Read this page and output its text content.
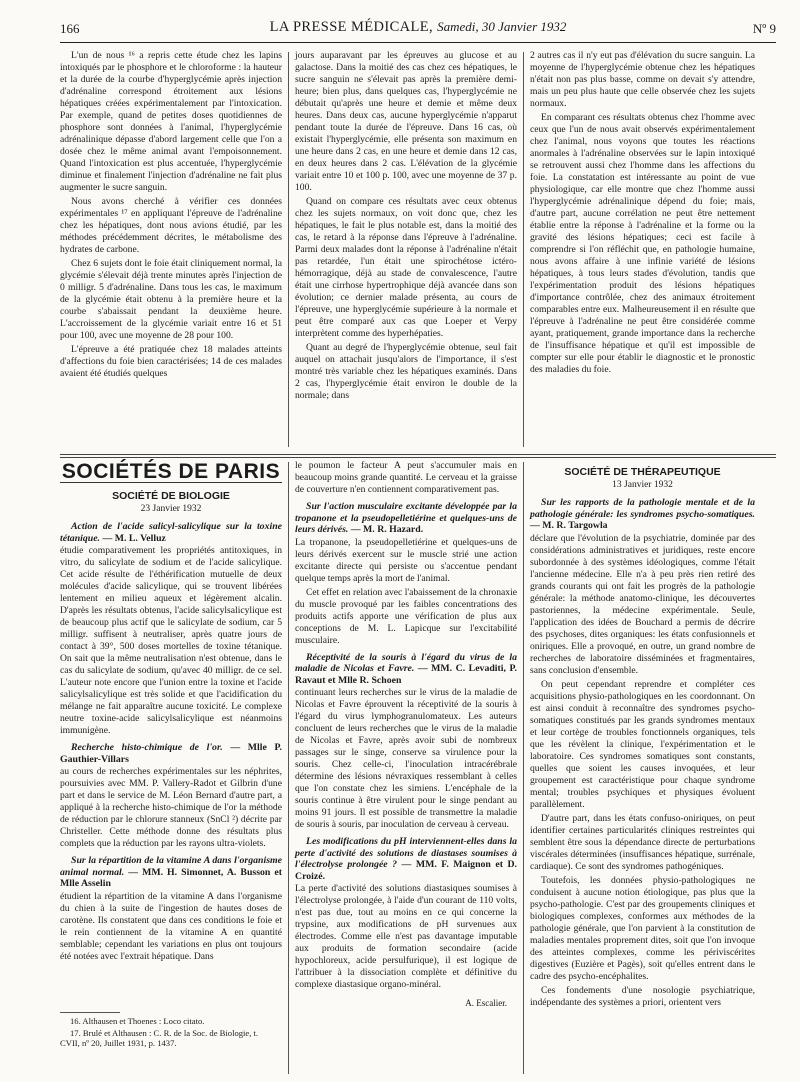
166	LA PRESSE MÉDICALE, Samedi, 30 Janvier 1932	Nº 9

L'un de nous ¹⁶ a repris cette étude chez les lapins intoxiqués par le phosphore et le chloroforme : la hauteur et la durée de la courbe d'hyperglycémie après injection d'adrénaline correspond étroitement aux lésions hépatiques créées expérimentalement par l'intoxication. Par exemple, quand de petites doses quotidiennes de phosphore sont données à l'animal, l'hyperglycémie adrénalinique dépasse d'abord largement celle que l'on a dosée chez le même animal avant l'empoisonnement. Quand l'intoxication est plus accentuée, l'hyperglycémie diminue et finalement l'injection d'adrénaline ne fait plus augmenter le sucre sanguin.

Nous avons cherché à vérifier ces données expérimentales ¹⁷ en appliquant l'épreuve de l'adrénaline chez les hépatiques, dont nous avions étudié, par les méthodes précédemment décrites, le métabolisme des hydrates de carbone.

Chez 6 sujets dont le foie était cliniquement normal, la glycémie s'élevait déjà trente minutes après l'injection de 0 milligr. 5 d'adrénaline. Dans tous les cas, le maximum de la glycémie était obtenu à la première heure et la courbe s'abaissait pendant la deuxième heure. L'accroissement de la glycémie variait entre 16 et 51 pour 100, avec une moyenne de 28 pour 100.

L'épreuve a été pratiquée chez 18 malades atteints d'affections du foie bien caractérisées; 14 de ces malades avaient été étudiés quelques

jours auparavant par les épreuves au glucose et au galactose. Dans la moitié des cas chez ces hépatiques, le sucre sanguin ne s'élevait pas après la première demi-heure; bien plus, dans quelques cas, l'hyperglycémie ne débutait qu'après une heure et demie et même deux heures. Dans deux cas, aucune hyperglycémie n'apparut pendant toute la durée de l'épreuve. Dans 16 cas, où existait l'hyperglycémie, elle présenta son maximum en une heure dans 2 cas, en une heure et demie dans 12 cas, en deux heures dans 2 cas. L'élévation de la glycémie variait entre 10 et 100 p. 100, avec une moyenne de 37 p. 100.

Quand on compare ces résultats avec ceux obtenus chez les sujets normaux, on voit donc que, chez les hépatiques, le fait le plus notable est, dans la moitié des cas, le retard à la réponse dans l'épreuve à l'adrénaline. Parmi deux malades dont la réponse à l'adrénaline n'était pas retardée, l'un était une spirochétose ictéro-hémorragique, déjà au stade de convalescence, l'autre était une cirrhose hypertrophique déjà avancée dans son évolution; ce dernier malade présenta, au cours de l'épreuve, une hyperglycémie supérieure à la normale et peut être comparé aux cas que Loeper et Verpy interprètent comme des hyperhépaties.

Quant au degré de l'hyperglycémie obtenue, seul fait auquel on attachait jusqu'alors de l'importance, il s'est montré très variable chez les hépatiques examinés. Dans 2 cas, l'hyperglycémie était environ le double de la normale; dans

2 autres cas il n'y eut pas d'élévation du sucre sanguin. La moyenne de l'hyperglycémie obtenue chez les hépatiques n'était non pas plus basse, comme on devait s'y attendre, mais un peu plus haute que celle observée chez les sujets normaux.

En comparant ces résultats obtenus chez l'homme avec ceux que l'un de nous avait observés expérimentalement chez l'animal, nous voyons que toutes les réactions anormales à l'adrénaline observées sur le lapin intoxiqué se retrouvent aussi chez l'homme dans les affections du foie. La constatation est intéressante au point de vue physiologique, car elle montre que chez l'homme aussi l'hyperglycémie adrénalinique dépend du foie; mais, d'autre part, aucune corrélation ne peut être nettement établie entre la réponse à l'adrénaline et la forme ou la gravité des lésions hépatiques; ceci est facile à comprendre si l'on réfléchit que, en pathologie humaine, nous avons affaire à une infinie variété de lésions hépatiques, à tous leurs stades d'évolution, tandis que l'expérimentation produit des lésions hépatiques d'importance contrôlée, chez des animaux étroitement comparables entre eux. Malheureusement il en résulte que l'épreuve à l'adrénaline ne peut être considérée comme ayant, pratiquement, grande importance dans la recherche de l'insuffisance hépatique et qu'il est impossible de compter sur elle pour établir le diagnostic et le pronostic des maladies du foie.

SOCIÉTÉS DE PARIS
SOCIÉTÉ DE BIOLOGIE
23 Janvier 1932
Action de l'acide salicyl-salicylique sur la toxine tétanique. — M. L. Velluz

étudie comparativement les propriétés antitoxiques, in vitro, du salicylate de sodium et de l'acide salicylique. Cet acide résulte de l'éthérification mutuelle de deux molécules d'acide salicylique, qui se trouvent libérées lentement en milieu aqueux et légèrement alcalin. D'après les résultats obtenus, l'acide salicylsalicylique est de beaucoup plus actif que le salicylate de sodium, car 5 milligr. suffisent à neutraliser, après quatre jours de contact à 39°, 500 doses mortelles de toxine tétanique. On sait que la même neutralisation n'est obtenue, dans le cas du salicylate de sodium, qu'avec 40 milligr. de ce sel. L'auteur note encore que l'union entre la toxine et l'acide salicylsalicylique est très solide et que l'acidification du mélange ne fait apparaître aucune toxicité. Le complexe neutre toxine-acide salicylsalicylique est néanmoins immunigène.

Recherche histo-chimique de l'or. — Mlle P. Gauthier-Villars

au cours de recherches expérimentales sur les néphrites, poursuivies avec MM. P. Vallery-Radot et Gilbrin d'une part et dans le service de M. Léon Bernard d'autre part, a appliqué à la recherche histo-chimique de l'or la méthode de réduction par le chlorure stanneux (SnCl ²) décrite par Christeller. Cette méthode donne des résultats plus complets que la réduction par les rayons ultra-violets.

Sur la répartition de la vitamine A dans l'organisme animal normal. — MM. H. Simonnet, A. Busson et Mlle Asselin

étudient la répartition de la vitamine A dans l'organisme du chien à la suite de l'ingestion de hautes doses de carotène. Ils constatent que dans ces conditions le foie et le rein contiennent de la vitamine A en quantité semblable; cependant les variations en plus ont toujours été notées avec l'extrait hépatique. Dans

le poumon le facteur A peut s'accumuler mais en beaucoup moins grande quantité. Le cerveau et la graisse de couverture n'en contiennent comparativement pas.

Sur l'action musculaire excitante développée par la tropanone et la pseudopelletiérine et quelques-uns de leurs dérivés. — M. R. Hazard.

La tropanone, la pseudopelletiérine et quelques-uns de leurs dérivés exercent sur le muscle strié une action excitante directe qui persiste ou s'accentue pendant quelque temps après la mort de l'animal.

Cet effet en relation avec l'abaissement de la chronaxie du muscle provoqué par les faibles concentrations des produits actifs apporte une vérification de plus aux conceptions de M. L. Lapicque sur l'excitabilité musculaire.

Réceptivité de la souris à l'égard du virus de la maladie de Nicolas et Favre. — MM. C. Levaditi, P. Ravaut et Mlle R. Schoen

continuant leurs recherches sur le virus de la maladie de Nicolas et Favre éprouvent la réceptivité de la souris à l'égard du virus lymphogranulomateux. Les auteurs concluent de leurs recherches que le virus de la maladie de Nicolas et Favre, après avoir subi de nombreux passages sur le singe, conserve sa virulence pour la souris. Chez celle-ci, l'inoculation intracérébrale détermine des lésions névraxiques ressemblant à celles que l'on constate chez les simiens. L'encéphale de la souris continue à être virulent pour le singe pendant au moins 91 jours. Il est possible de transmettre la maladie de souris à souris, par inoculation de cerveau à cerveau.

Les modifications du pH interviennent-elles dans la perte d'activité des solutions de diastases soumises à l'électrolyse prolongée ? — MM. F. Maignon et D. Croizé.

La perte d'activité des solutions diastasiques soumises à l'électrolyse prolongée, à l'aide d'un courant de 110 volts, n'est pas due, tout au moins en ce qui concerne la trypsine, aux modifications de pH survenues aux électrodes. Comme elle n'est pas davantage imputable aux produits de formation secondaire (acide hypochloreux, acide persulfurique), il est logique de l'attribuer à la dissociation complète et définitive du complexe diastasique organo-minéral.

A. Escalier.
SOCIÉTÉ DE THÉRAPEUTIQUE
13 Janvier 1932
Sur les rapports de la pathologie mentale et de la pathologie générale: les syndromes psycho-somatiques. — M. R. Targowla

déclare que l'évolution de la psychiatrie, dominée par des considérations administratives et juridiques, reste encore subordonnée à des systèmes idéologiques, comme l'était l'ancienne médecine. Elle n'a à peu près rien retiré des grands courants qui ont fait les progrès de la pathologie générale: la méthode anatomo-clinique, les découvertes pastoriennes, la médecine expérimentale. Seule, l'application des idées de Bouchard a permis de décrire des psychoses, dites organiques: les états confusionnels et oniriques. Elle a provoqué, en outre, un grand nombre de recherches de laboratoire disséminées et fragmentaires, sans conclusion d'ensemble.

On peut cependant reprendre et compléter ces acquisitions physio-pathologiques en les coordonnant. On est ainsi conduit à reconnaître des syndromes psycho-somatiques constitués par les grands syndromes mentaux et leur cortège de troubles fonctionnels organiques, tels que les révèlent la clinique, l'expérimentation et le laboratoire. Ces syndromes somatiques sont constants, quelles que soient les causes invoquées, et leur groupement est caractéristique pour chaque syndrome mental; troubles psychiques et physiques évoluent parallèlement.

D'autre part, dans les états confuso-oniriques, on peut identifier certaines particularités cliniques restreintes qui semblent être sous la dépendance directe de perturbations viscérales déterminées (insuffisances hépatique, surrénale, cardiaque). Ce sont des syndromes pathogéniques.

Toutefois, les données physio-pathologiques ne conduisent à aucune notion étiologique, pas plus que la psycho-pathologie. C'est par des groupements cliniques et biologiques complexes, conformes aux méthodes de la pathologie générale, que l'on parvient à la constitution de maladies mentales proprement dites, soit que l'on invoque des atteintes complexes, comme les périviscérites digestives (Euzière et Pagès), soit qu'elles entrent dans le cadre des psycho-encéphalites.

Ces fondements d'une nosologie psychiatrique, indépendante des systèmes a priori, orientent vers

16. Althausen et Thoenes : Loco citato.

17. Brulé et Althausen : C. R. de la Soc. de Biologie, t. CVII, nº 20, Juillet 1931, p. 1437.
